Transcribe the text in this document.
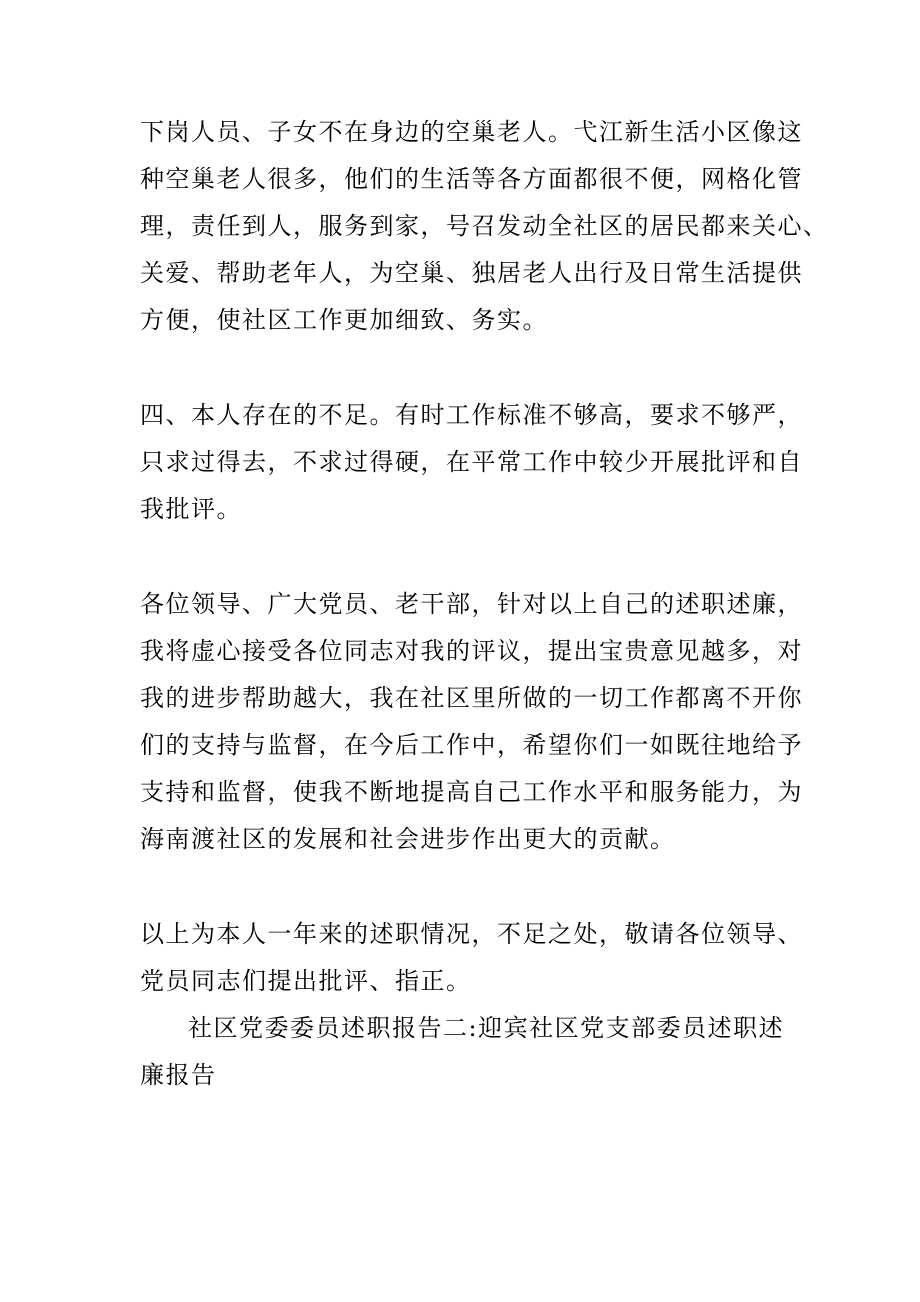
下岗人员、子女不在身边的空巢老人。弋江新生活小区像这
种空巢老人很多，他们的生活等各方面都很不便，网格化管
理，责任到人，服务到家，号召发动全社区的居民都来关心、
关爱、帮助老年人，为空巢、独居老人出行及日常生活提供
方便，使社区工作更加细致、务实。
四、本人存在的不足。有时工作标准不够高，要求不够严，
只求过得去，不求过得硬，在平常工作中较少开展批评和自
我批评。
各位领导、广大党员、老干部，针对以上自己的述职述廉，
我将虚心接受各位同志对我的评议，提出宝贵意见越多，对
我的进步帮助越大，我在社区里所做的一切工作都离不开你
们的支持与监督，在今后工作中，希望你们一如既往地给予
支持和监督，使我不断地提高自己工作水平和服务能力，为
海南渡社区的发展和社会进步作出更大的贡献。
以上为本人一年来的述职情况，不足之处，敬请各位领导、
党员同志们提出批评、指正。
社区党委委员述职报告二:迎宾社区党支部委员述职述
廉报告
